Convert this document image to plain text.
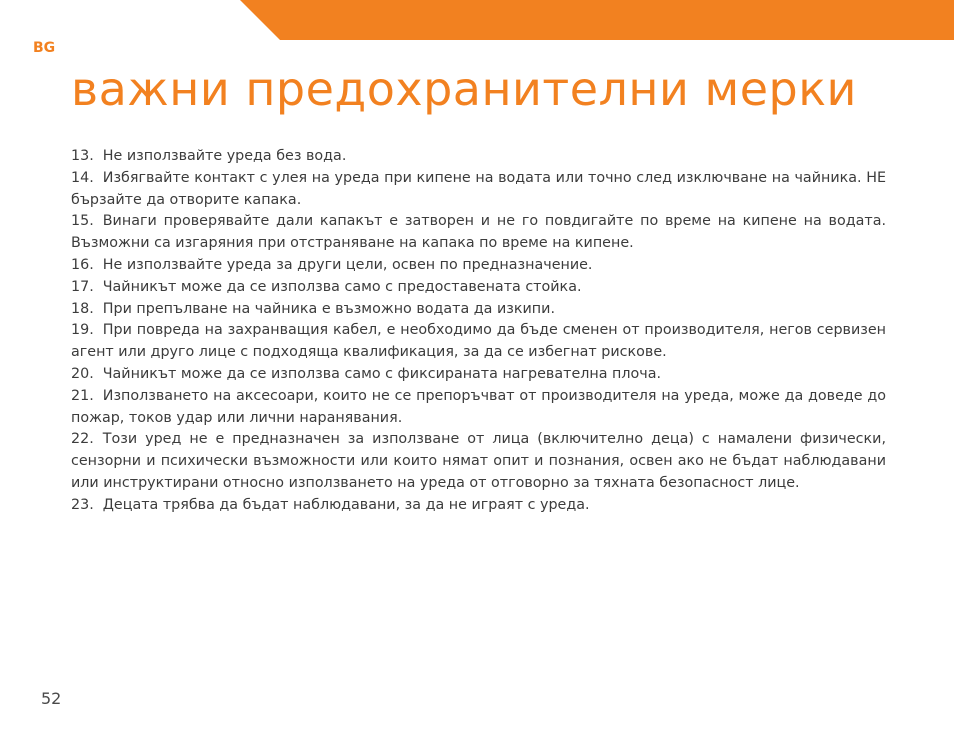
BG
важни предохранителни мерки
13. Не използвайте уреда без вода.
14. Избягвайте контакт с улея на уреда при кипене на водата или точно след изключване на чайника. НЕ бързайте да отворите капака.
15. Винаги проверявайте дали капакът е затворен и не го повдигайте по време на кипене на водата. Възможни са изгаряния при отстраняване на капака по време на кипене.
16. Не използвайте уреда за други цели, освен по предназначение.
17. Чайникът може да се използва само с предоставената стойка.
18. При препълване на чайника е възможно водата да изкипи.
19. При повреда на захранващия кабел, е необходимо да бъде сменен от производителя, негов сервизен агент или друго лице с подходяща квалификация, за да се избегнат рискове.
20. Чайникът може да се използва само с фиксираната нагревателна плоча.
21. Използването на аксесоари, които не се препоръчват от производителя на уреда, може да доведе до пожар, токов удар или лични наранявания.
22. Този уред не е предназначен за използване от лица (включително деца) с намалени физически, сензорни и психически възможности или които нямат опит и познания, освен ако не бъдат наблюдавани или инструктирани относно използването на уреда от отговорно за тяхната безопасност лице.
23. Децата трябва да бъдат наблюдавани, за да не играят с уреда.
52
